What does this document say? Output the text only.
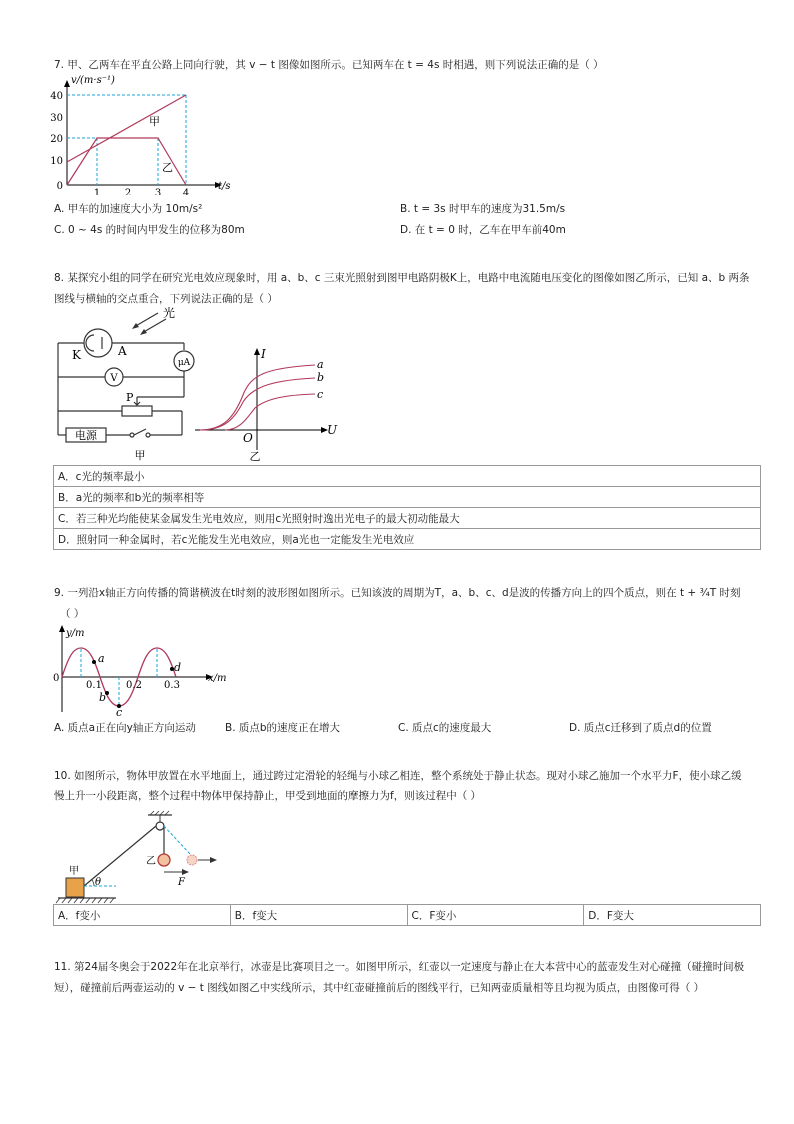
7. 甲、乙两车在平直公路上同向行驶，其 v − t 图像如图所示。已知两车在 t = 4s 时相遇，则下列说法正确的是（ ）
40
30
20
10
0
1 2 3 4
v/(m·s⁻¹)
t/s
甲
乙
A. 甲车的加速度大小为 10m/s²	B. t = 3s 时甲车的速度为31.5m/s
C. 0 ~ 4s 的时间内甲发生的位移为80m	D. 在 t = 0 时，乙车在甲车前40m
8. 某探究小组的同学在研究光电效应现象时，用 a、b、c 三束光照射到图甲电路阴极K上，电路中电流随电压变化的图像如图乙所示，已知 a、b 两条
图线与横轴的交点重合，下列说法正确的是（ ）
光
K	A
μA
V
P
电源
甲
I
U
O
a
b
c
乙
A．c光的频率最小
B．a光的频率和b光的频率相等
C．若三种光均能使某金属发生光电效应，则用c光照射时逸出光电子的最大初动能最大
D．照射同一种金属时，若c光能发生光电效应，则a光也一定能发生光电效应
9. 一列沿x轴正方向传播的简谐横波在t时刻的波形图如图所示。已知该波的周期为T，a、b、c、d是波的传播方向上的四个质点，则在 t + ¾T 时刻
（ ）
y/m
x/m
0
0.1 0.2 0.3
a
b
c
d
A. 质点a正在向y轴正方向运动	B. 质点b的速度正在增大	C. 质点c的速度最大	D. 质点c迁移到了质点d的位置
10. 如图所示，物体甲放置在水平地面上，通过跨过定滑轮的轻绳与小球乙相连，整个系统处于静止状态。现对小球乙施加一个水平力F，使小球乙缓
慢上升一小段距离，整个过程中物体甲保持静止，甲受到地面的摩擦力为f，则该过程中（ ）
甲
θ
乙
F
A．f变小	B．f变大	C．F变小	D．F变大
11. 第24届冬奥会于2022年在北京举行，冰壶是比赛项目之一。如图甲所示，红壶以一定速度与静止在大本营中心的蓝壶发生对心碰撞（碰撞时间极
短），碰撞前后两壶运动的 v − t 图线如图乙中实线所示，其中红壶碰撞前后的图线平行，已知两壶质量相等且均视为质点，由图像可得（ ）
